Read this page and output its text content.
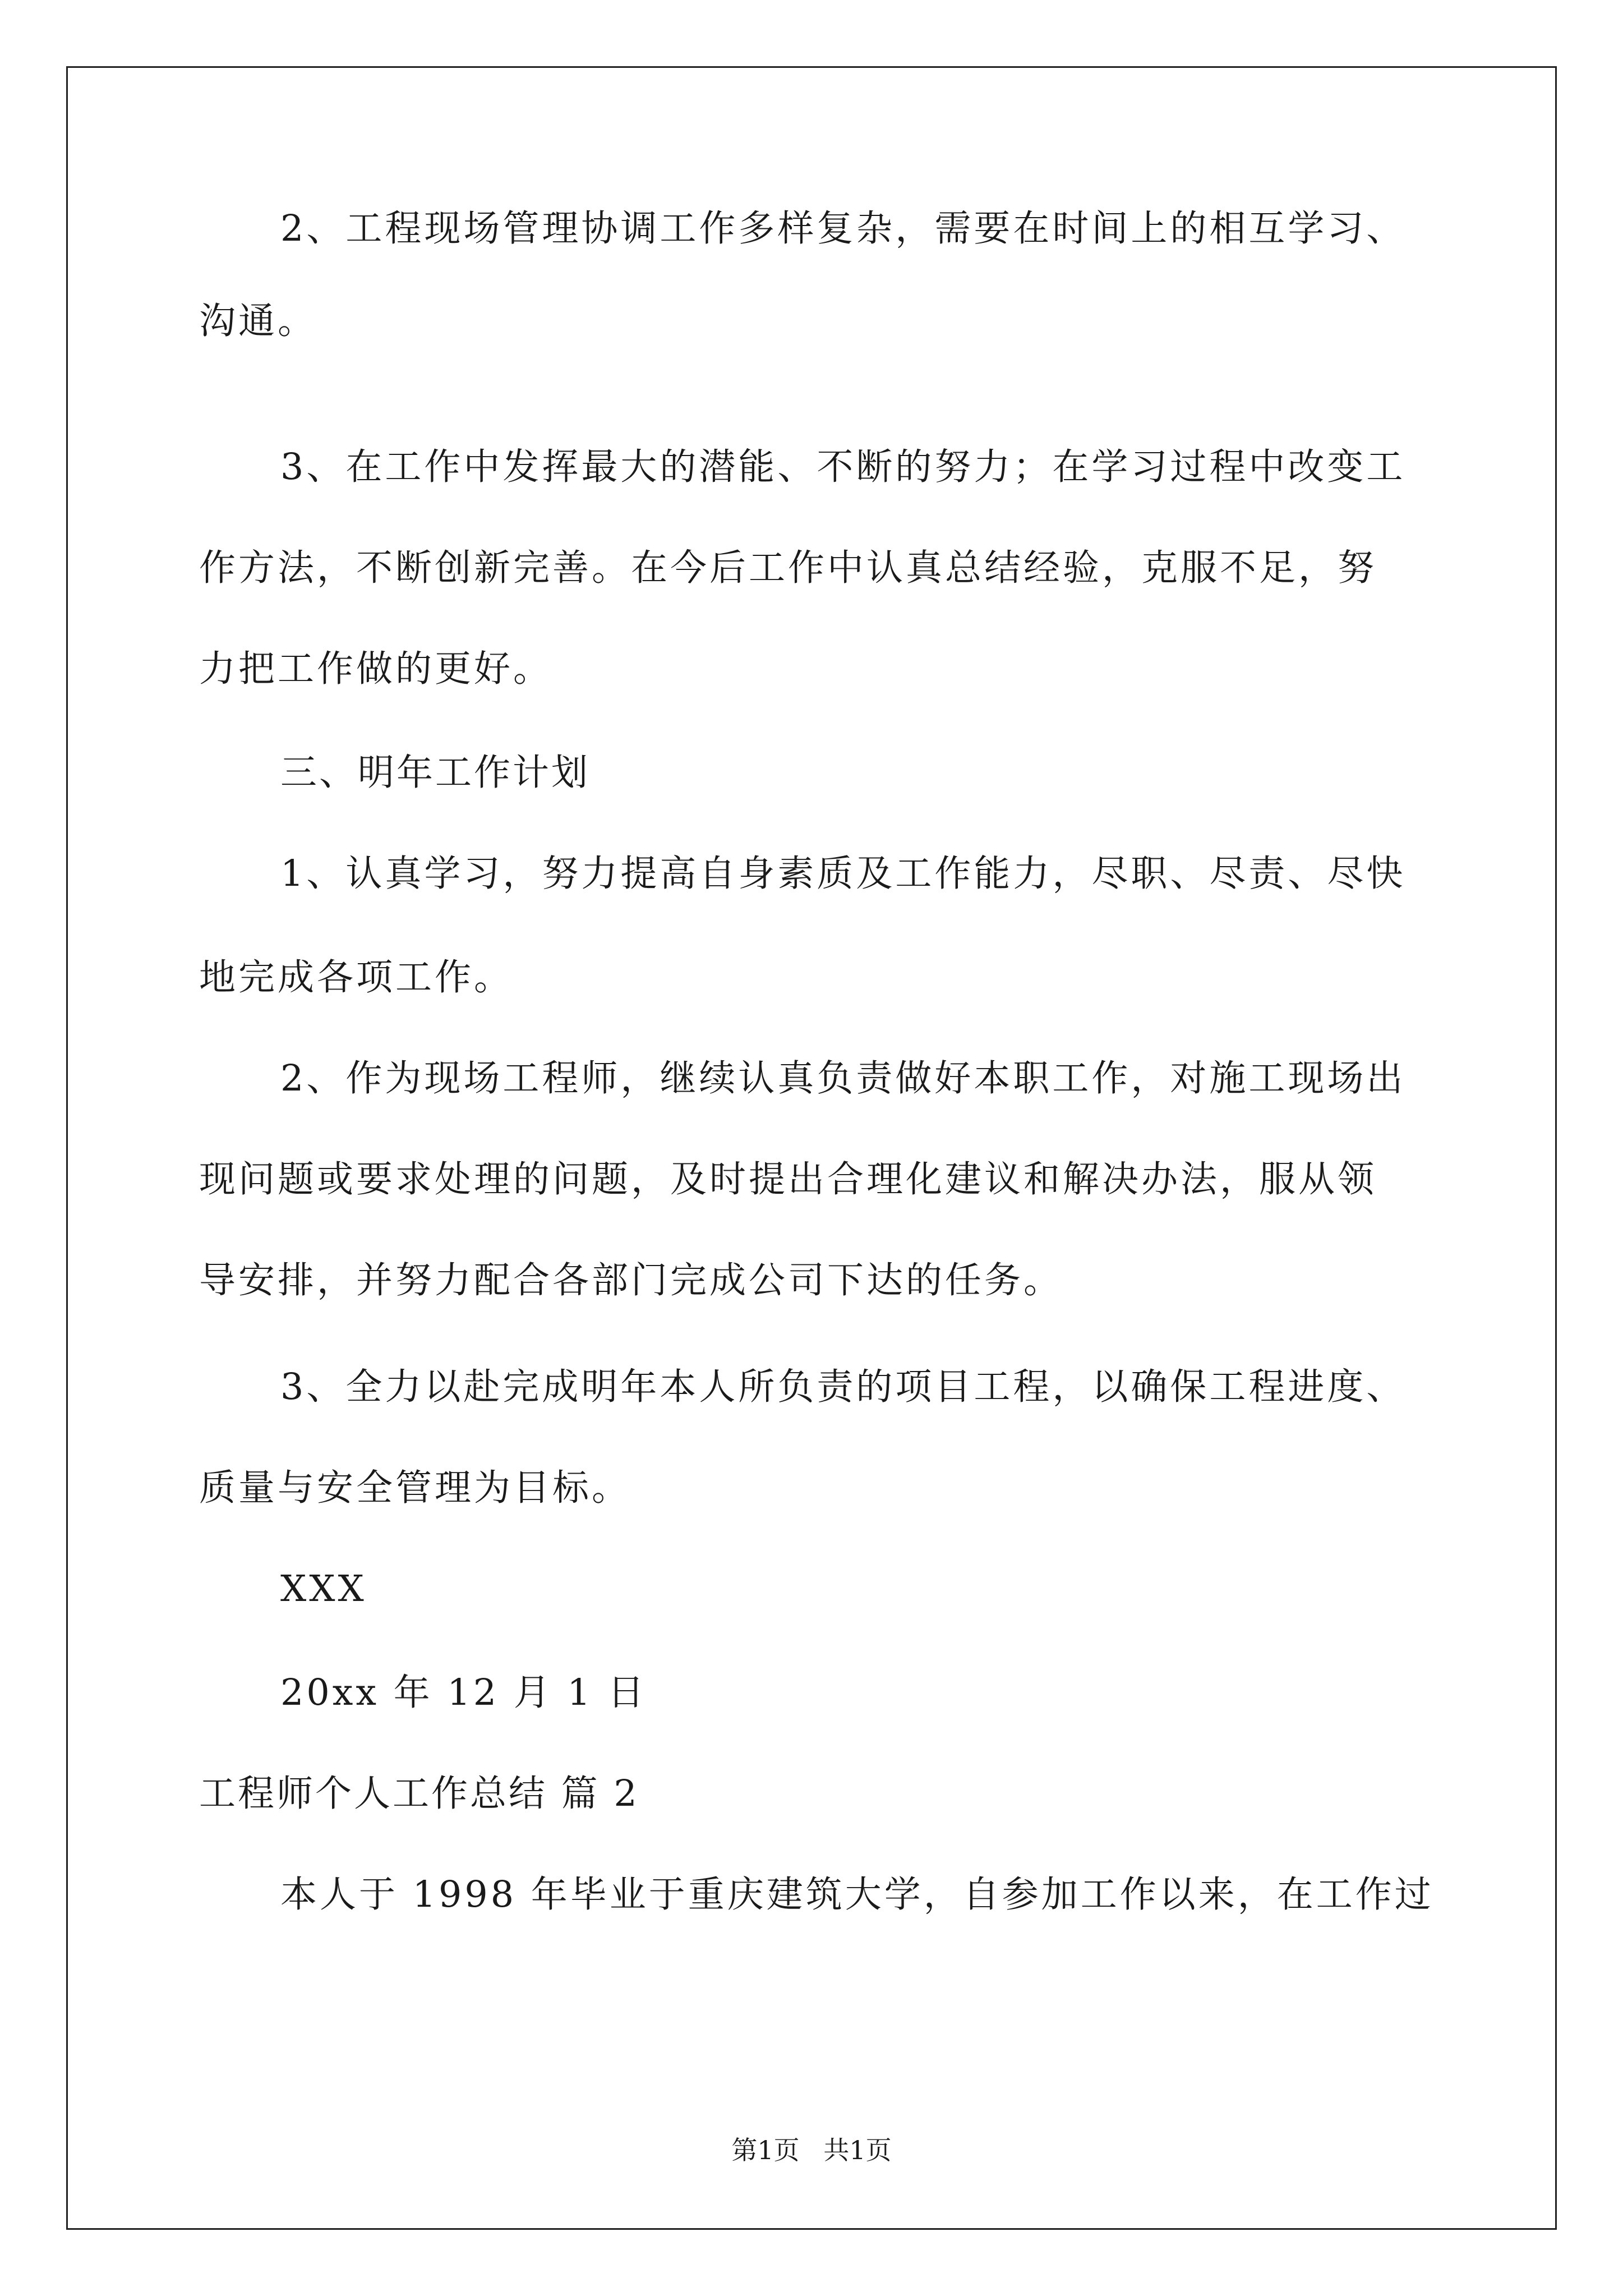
2、工程现场管理协调工作多样复杂，需要在时间上的相互学习、
沟通。
3、在工作中发挥最大的潜能、不断的努力；在学习过程中改变工
作方法，不断创新完善。在今后工作中认真总结经验，克服不足，努
力把工作做的更好。
三、明年工作计划
1、认真学习，努力提高自身素质及工作能力，尽职、尽责、尽快
地完成各项工作。
2、作为现场工程师，继续认真负责做好本职工作，对施工现场出
现问题或要求处理的问题，及时提出合理化建议和解决办法，服从领
导安排，并努力配合各部门完成公司下达的任务。
3、全力以赴完成明年本人所负责的项目工程，以确保工程进度、
质量与安全管理为目标。
XXX
20xx 年 12 月 1 日
工程师个人工作总结 篇 2
本人于 1998 年毕业于重庆建筑大学，自参加工作以来，在工作过
第1页 共1页
